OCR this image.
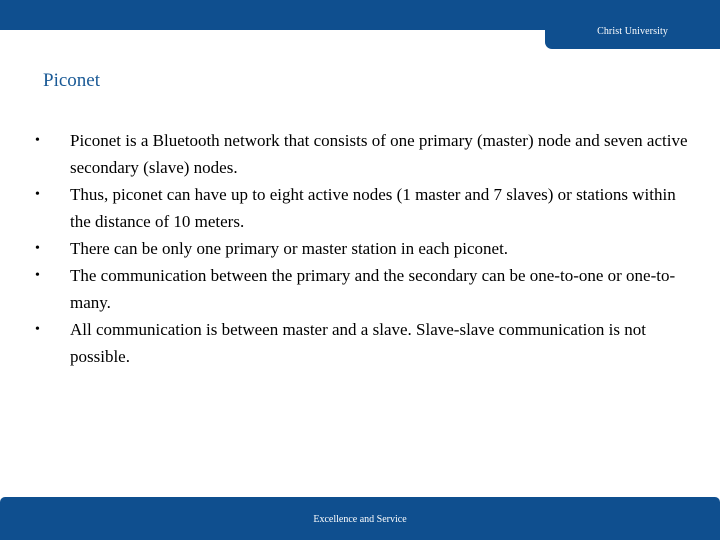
Christ University
Piconet
• Piconet is a Bluetooth network that consists of one primary (master) node and seven active secondary (slave) nodes.
• Thus, piconet can have up to eight active nodes (1 master and 7 slaves) or stations within the distance of 10 meters.
• There can be only one primary or master station in each piconet.
• The communication between the primary and the secondary can be one-to-one or one-to-many.
• All communication is between master and a slave. Slave-slave communication is not possible.
Excellence and Service
